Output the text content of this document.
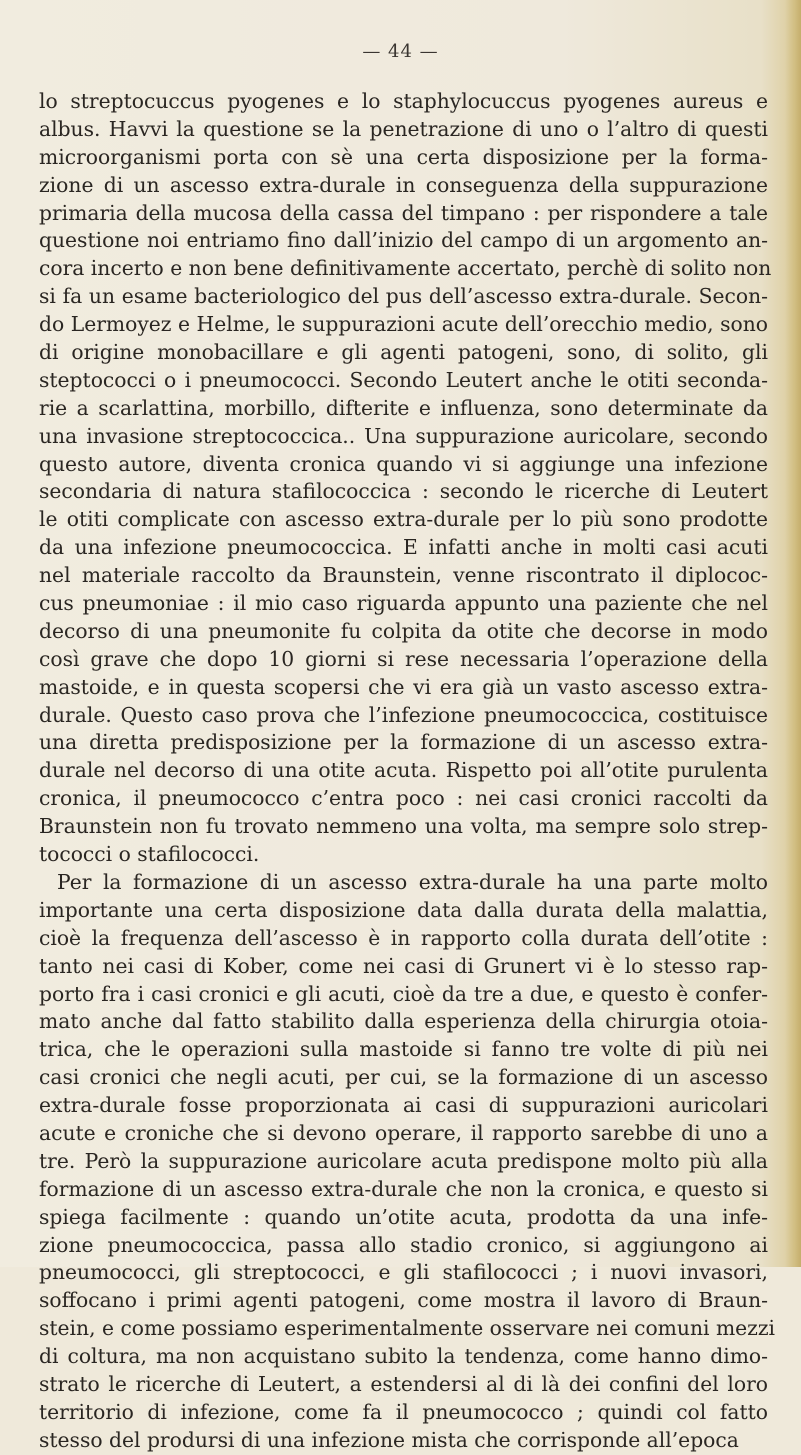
— 44 —
lo streptocuccus pyogenes e lo staphylocuccus pyogenes aureus e
albus. Havvi la questione se la penetrazione di uno o l’altro di questi
microorganismi porta con sè una certa disposizione per la forma-
zione di un ascesso extra-durale in conseguenza della suppurazione
primaria della mucosa della cassa del timpano : per rispondere a tale
questione noi entriamo fino dall’inizio del campo di un argomento an-
cora incerto e non bene definitivamente accertato, perchè di solito non
si fa un esame bacteriologico del pus dell’ascesso extra-durale. Secon-
do Lermoyez e Helme, le suppurazioni acute dell’orecchio medio, sono
di origine monobacillare e gli agenti patogeni, sono, di solito, gli
steptococci o i pneumococci. Secondo Leutert anche le otiti seconda-
rie a scarlattina, morbillo, difterite e influenza, sono determinate da
una invasione streptococcica.. Una suppurazione auricolare, secondo
questo autore, diventa cronica quando vi si aggiunge una infezione
secondaria di natura stafilococcica : secondo le ricerche di Leutert
le otiti complicate con ascesso extra-durale per lo più sono prodotte
da una infezione pneumococcica. E infatti anche in molti casi acuti
nel materiale raccolto da Braunstein, venne riscontrato il diplococ-
cus pneumoniae : il mio caso riguarda appunto una paziente che nel
decorso di una pneumonite fu colpita da otite che decorse in modo
così grave che dopo 10 giorni si rese necessaria l’operazione della
mastoide, e in questa scopersi che vi era già un vasto ascesso extra-
durale. Questo caso prova che l’infezione pneumococcica, costituisce
una diretta predisposizione per la formazione di un ascesso extra-
durale nel decorso di una otite acuta. Rispetto poi all’otite purulenta
cronica, il pneumococco c’entra poco : nei casi cronici raccolti da
Braunstein non fu trovato nemmeno una volta, ma sempre solo strep-
tococci o stafilococci.
Per la formazione di un ascesso extra-durale ha una parte molto
importante una certa disposizione data dalla durata della malattia,
cioè la frequenza dell’ascesso è in rapporto colla durata dell’otite :
tanto nei casi di Kober, come nei casi di Grunert vi è lo stesso rap-
porto fra i casi cronici e gli acuti, cioè da tre a due, e questo è confer-
mato anche dal fatto stabilito dalla esperienza della chirurgia otoia-
trica, che le operazioni sulla mastoide si fanno tre volte di più nei
casi cronici che negli acuti, per cui, se la formazione di un ascesso
extra-durale fosse proporzionata ai casi di suppurazioni auricolari
acute e croniche che si devono operare, il rapporto sarebbe di uno a
tre. Però la suppurazione auricolare acuta predispone molto più alla
formazione di un ascesso extra-durale che non la cronica, e questo si
spiega facilmente : quando un’otite acuta, prodotta da una infe-
zione pneumococcica, passa allo stadio cronico, si aggiungono ai
pneumococci, gli streptococci, e gli stafilococci ; i nuovi invasori,
soffocano i primi agenti patogeni, come mostra il lavoro di Braun-
stein, e come possiamo esperimentalmente osservare nei comuni mezzi
di coltura, ma non acquistano subito la tendenza, come hanno dimo-
strato le ricerche di Leutert, a estendersi al di là dei confini del loro
territorio di infezione, come fa il pneumococco ; quindi col fatto
stesso del prodursi di una infezione mista che corrisponde all’epoca
